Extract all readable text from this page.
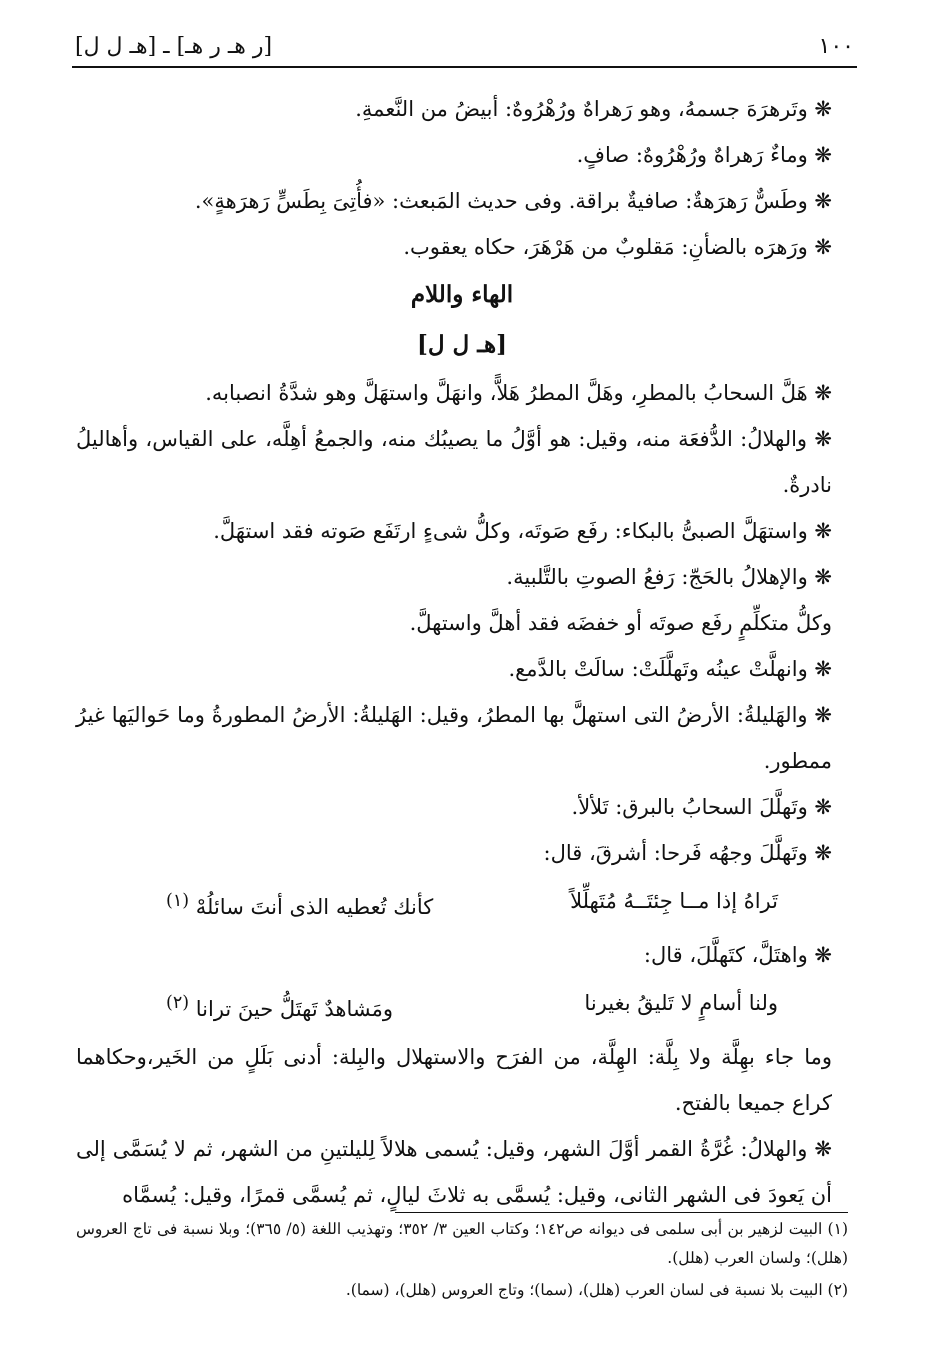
١٠٠
[ر هـ ر هـ] ـ [هـ ل ل]

❋ وتَرهرَهَ جسمهُ، وهو رَهراهٌ ورُهْرُوهٌ: أبيضُ من النَّعمةِ.

❋ وماءٌ رَهراهٌ ورُهْرُوهٌ: صافٍ.

❋ وطَسٌّ رَهرَهةٌ: صافيةٌ براقة. وفى حديث المَبعث: «فأُتِىَ بِطَسٍّ رَهرَهةٍ».

❋ ورَهرَه بالضأنِ: مَقلوبٌ من هَرْهَرَ، حكاه يعقوب.

الهاء واللام
[هـ ل ل]

❋ هَلَّ السحابُ بالمطرِ، وهَلَّ المطرُ هَلاًّ، وانهَلَّ واستهَلَّ وهو شدَّةُ انصبابه.

❋ والهلالُ: الدُّفعَة منه، وقيل: هو أوَّلُ ما يصيبُك منه، والجمعُ أهِلَّه، على القياس، وأهاليلُ نادرةٌ.

❋ واستهَلَّ الصبىُّ بالبكاء: رفَع صَوتَه، وكلُّ شىءٍ ارتَفَع صَوته فقد استهَلَّ.

❋ والإهلالُ بالحَجّ: رَفعُ الصوتِ بالتَّلبية.

وكلُّ متكلِّمٍ رفَع صوتَه أو خفضَه فقد أهلَّ واستهلَّ.

❋ وانهلَّتْ عينُه وتَهلَّلَتْ: سالَتْ بالدَّمع.

❋ والهَليلةُ: الأرضُ التى استهلَّ بها المطرُ، وقيل: الهَليلةُ: الأرضُ المطورةُ وما حَواليَها غيرُ ممطور.

❋ وتَهلَّلَ السحابُ بالبرق: تَلألأ.

❋ وتَهلَّلَ وجهُه فَرحا: أشرقَ، قال:

تَراهُ إذا مــا جِئتَــهُ مُتَهلِّلاً
كأنك تُعطيه الذى أنتَ سائلُهْ $^{(١)}$

❋ واهتَلَّ، كتَهلَّلَ، قال:

ولنا أسامٍ لا تَليقُ بغيرنا
ومَشاهدٌ تَهتَلُّ حينَ ترانا $^{(٢)}$

وما جاء بهِلَّة ولا بِلَّة: الهِلَّة، من الفرَح والاستهلال والبِلة: أدنى بَلَلٍ من الخَير،وحكاهما كراع جميعا بالفتح.

❋ والهلالُ: غُرَّةُ القمر أوَّلَ الشهر، وقيل: يُسمى هلالاً لِليلتينِ من الشهر، ثم لا يُسَمَّى إلى أن يَعودَ فى الشهر الثانى، وقيل: يُسمَّى به ثلاثَ ليالٍ، ثم يُسمَّى قمرًا، وقيل: يُسمَّاه

(١) البيت لزهير بن أبى سلمى فى ديوانه ص١٤٢؛ وكتاب العين ٣/ ٣٥٢؛ وتهذيب اللغة (٥/ ٣٦٥)؛ وبلا نسبة فى تاج العروس (هلل)؛ ولسان العرب (هلل).

(٢) البيت بلا نسبة فى لسان العرب (هلل)، (سما)؛ وتاج العروس (هلل)، (سما).
